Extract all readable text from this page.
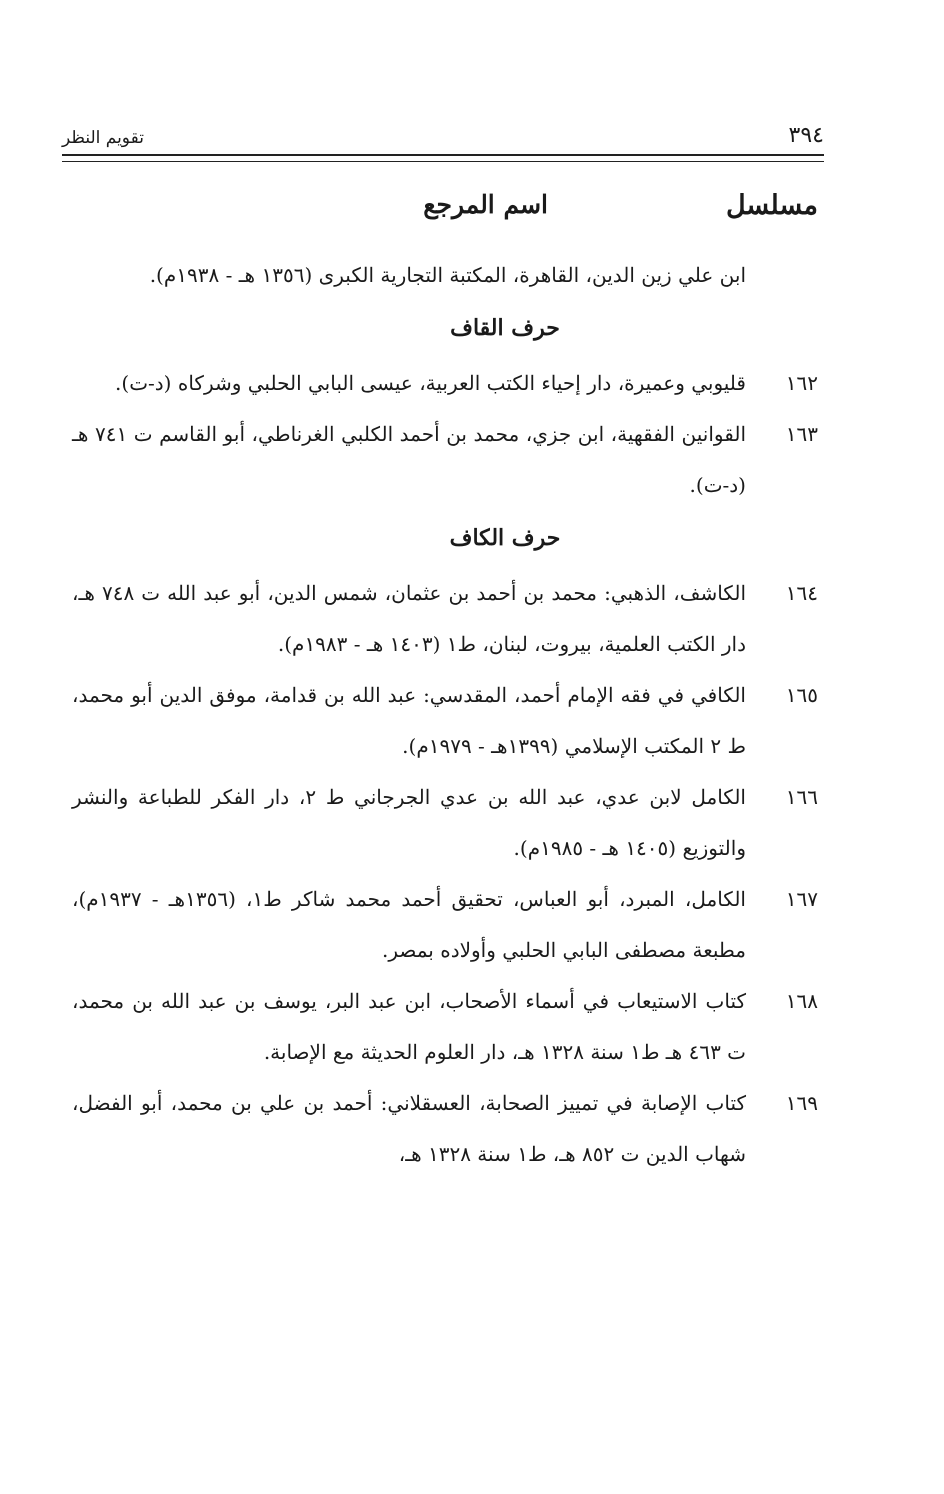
٣٩٤
تقويم النظر
مسلسل
اسم المرجع
ابن علي زين الدين، القاهرة، المكتبة التجارية الكبرى (١٣٥٦ هـ - ١٩٣٨م).
حرف القاف
١٦٢
قليوبي وعميرة، دار إحياء الكتب العربية، عيسى البابي الحلبي وشركاه (د-ت).
١٦٣
القوانين الفقهية، ابن جزي، محمد بن أحمد الكلبي الغرناطي، أبو القاسم ت ٧٤١ هـ (د-ت).
حرف الكاف
١٦٤
الكاشف، الذهبي: محمد بن أحمد بن عثمان، شمس الدين، أبو عبد الله ت ٧٤٨ هـ، دار الكتب العلمية، بيروت، لبنان، ط١ (١٤٠٣ هـ - ١٩٨٣م).
١٦٥
الكافي في فقه الإمام أحمد، المقدسي: عبد الله بن قدامة، موفق الدين أبو محمد، ط ٢ المكتب الإسلامي (١٣٩٩هـ - ١٩٧٩م).
١٦٦
الكامل لابن عدي، عبد الله بن عدي الجرجاني ط ٢، دار الفكر للطباعة والنشر والتوزيع (١٤٠٥ هـ - ١٩٨٥م).
١٦٧
الكامل، المبرد، أبو العباس، تحقيق أحمد محمد شاكر ط١، (١٣٥٦هـ - ١٩٣٧م)، مطبعة مصطفى البابي الحلبي وأولاده بمصر.
١٦٨
كتاب الاستيعاب في أسماء الأصحاب، ابن عبد البر، يوسف بن عبد الله بن محمد، ت ٤٦٣ هـ ط١ سنة ١٣٢٨ هـ، دار العلوم الحديثة مع الإصابة.
١٦٩
كتاب الإصابة في تمييز الصحابة، العسقلاني: أحمد بن علي بن محمد، أبو الفضل، شهاب الدين ت ٨٥٢ هـ، ط١ سنة ١٣٢٨ هـ،
